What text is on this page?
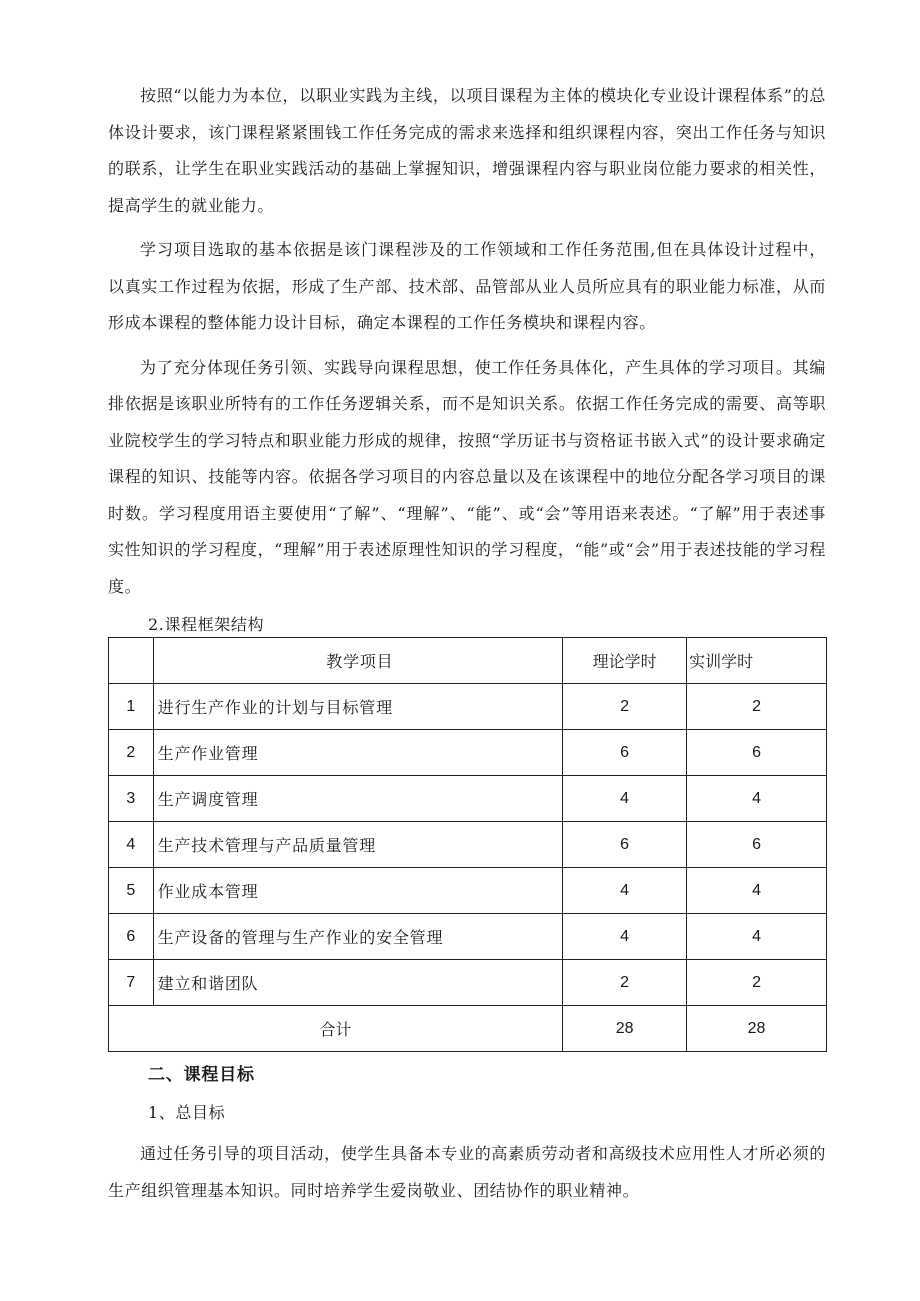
按照“以能力为本位，以职业实践为主线，以项目课程为主体的模块化专业设计课程体系”的总体设计要求，该门课程紧紧围钱工作任务完成的需求来选择和组织课程内容，突出工作任务与知识的联系，让学生在职业实践活动的基础上掌握知识，增强课程内容与职业岗位能力要求的相关性，提高学生的就业能力。

学习项目选取的基本依据是该门课程涉及的工作领域和工作任务范围,但在具体设计过程中，以真实工作过程为依据，形成了生产部、技术部、品管部从业人员所应具有的职业能力标准，从而形成本课程的整体能力设计目标，确定本课程的工作任务模块和课程内容。

为了充分体现任务引领、实践导向课程思想，使工作任务具体化，产生具体的学习项目。其编排依据是该职业所特有的工作任务逻辑关系，而不是知识关系。依据工作任务完成的需要、高等职业院校学生的学习特点和职业能力形成的规律，按照“学历证书与资格证书嵌入式”的设计要求确定课程的知识、技能等内容。依据各学习项目的内容总量以及在该课程中的地位分配各学习项目的课时数。学习程度用语主要使用“了解”、“理解”、“能”、或“会”等用语来表述。“了解”用于表述事实性知识的学习程度，“理解”用于表述原理性知识的学习程度，“能”或“会”用于表述技能的学习程度。

2.课程框架结构
	教学项目	理论学时	实训学时
1	进行生产作业的计划与目标管理	2	2
2	生产作业管理	6	6
3	生产调度管理	4	4
4	生产技术管理与产品质量管理	6	6
5	作业成本管理	4	4
6	生产设备的管理与生产作业的安全管理	4	4
7	建立和谐团队	2	2
合计		28	28
二、课程目标
1、总目标

通过任务引导的项目活动，使学生具备本专业的高素质劳动者和高级技术应用性人才所必须的生产组织管理基本知识。同时培养学生爱岗敬业、团结协作的职业精神。
